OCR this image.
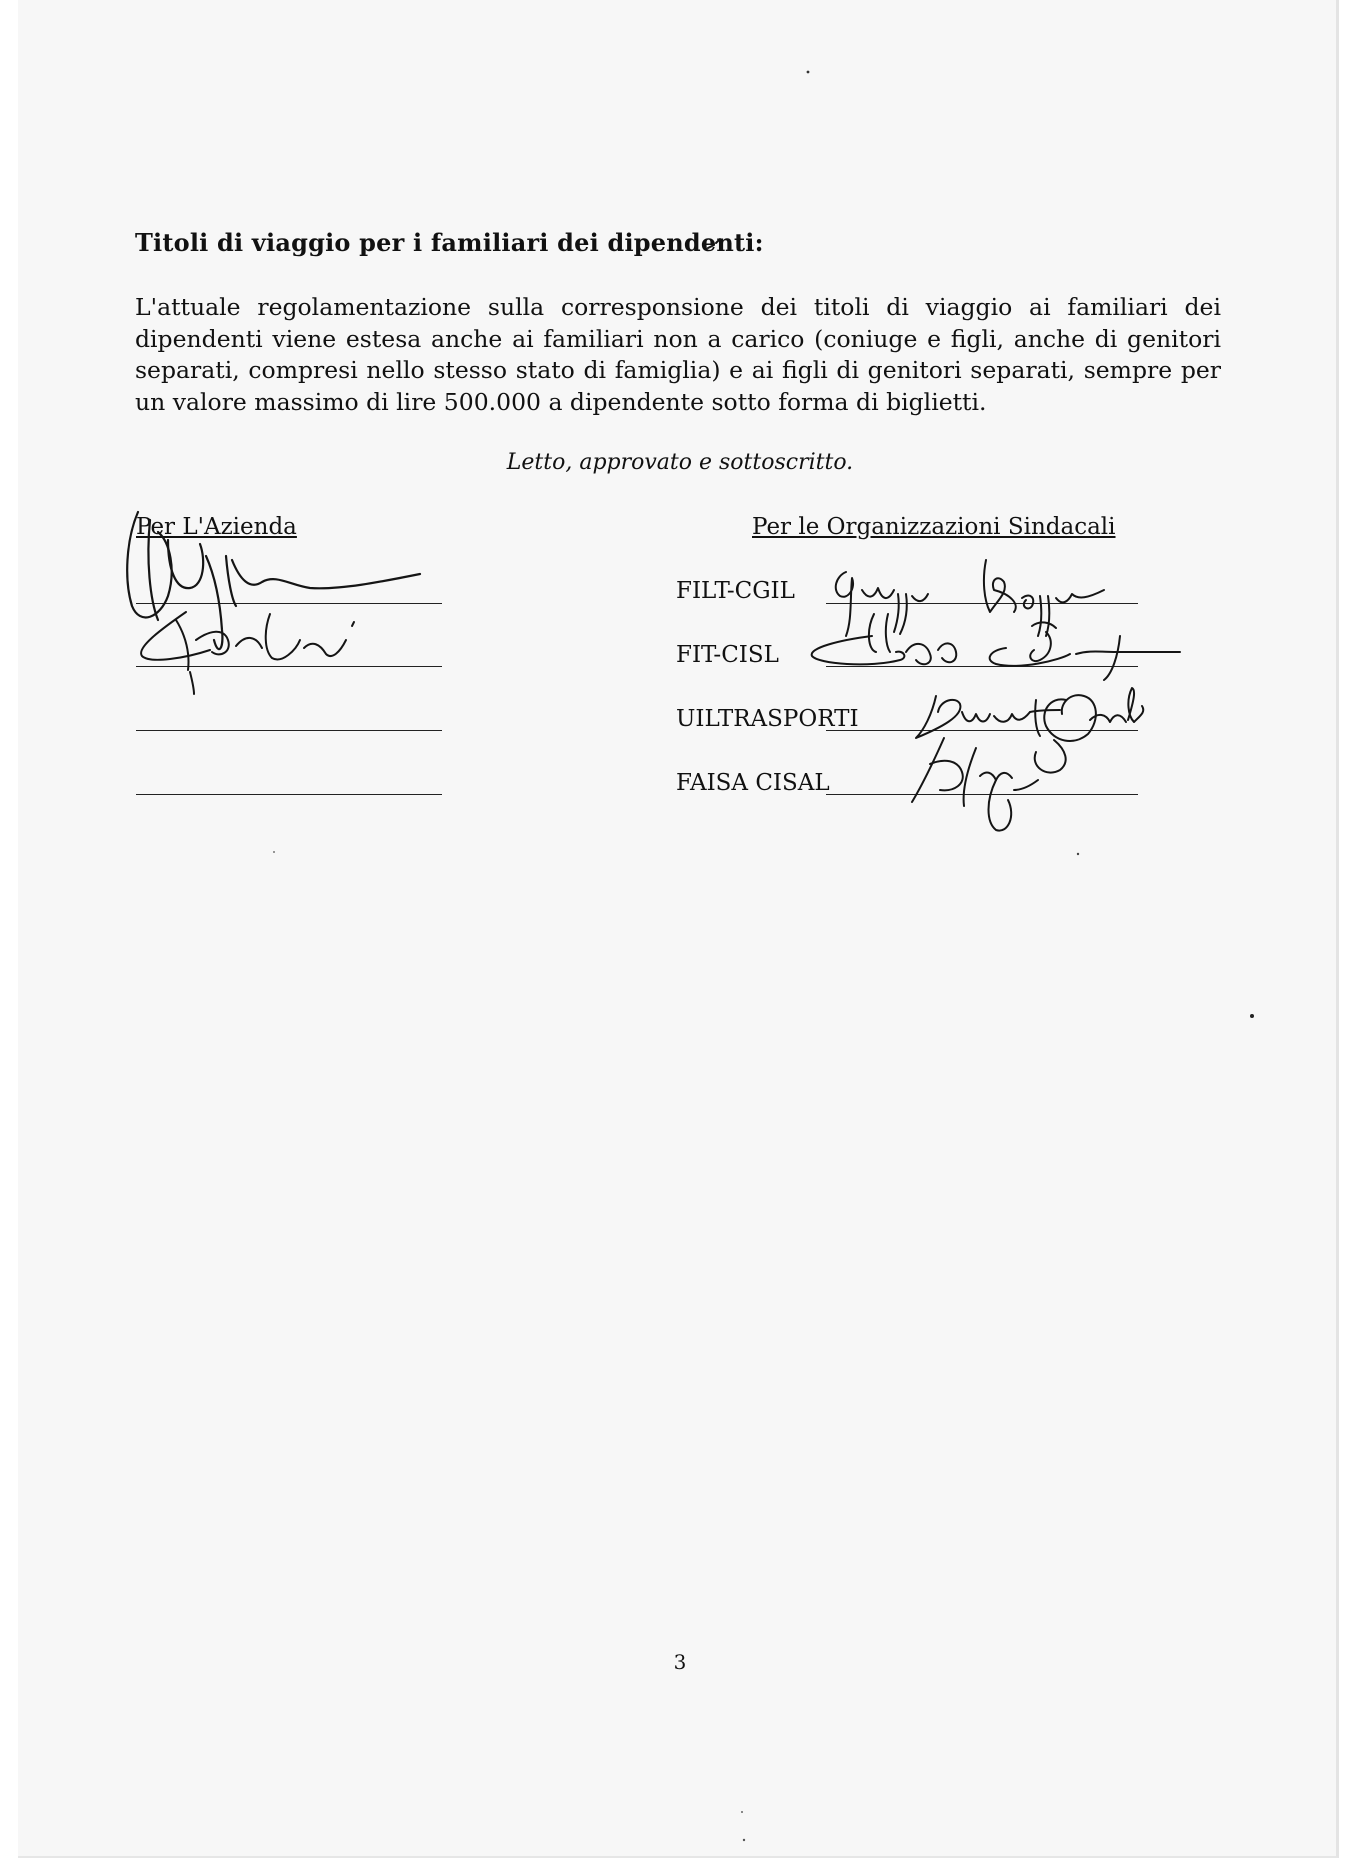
Titoli di viaggio per i familiari dei dipendenti:
L'attuale regolamentazione sulla corresponsione dei titoli di viaggio ai familiari dei dipendenti viene estesa anche ai familiari non a carico (coniuge e figli, anche di genitori separati, compresi nello stesso stato di famiglia) e ai figli di genitori separati, sempre per un valore massimo di lire 500.000 a dipendente sotto forma di biglietti.
Letto, approvato e sottoscritto.
Per L'Azienda	Per le Organizzazioni Sindacali
FILT-CGIL
FIT-CISL
UILTRASPORTI
FAISA CISAL
3
